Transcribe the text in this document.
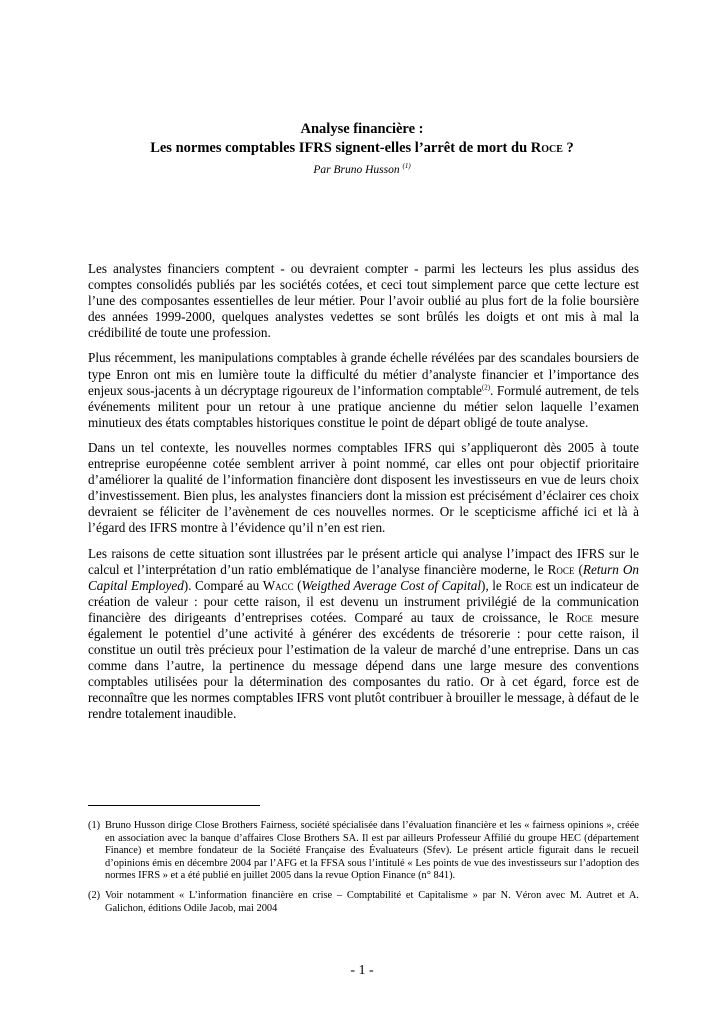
Analyse financière :
Les normes comptables IFRS signent-elles l’arrêt de mort du Roce ?
Par Bruno Husson $^{(1)}$

Les analystes financiers comptent - ou devraient compter - parmi les lecteurs les plus assidus des comptes consolidés publiés par les sociétés cotées, et ceci tout simplement parce que cette lecture est l’une des composantes essentielles de leur métier. Pour l’avoir oublié au plus fort de la folie boursière des années 1999-2000, quelques analystes vedettes se sont brûlés les doigts et ont mis à mal la crédibilité de toute une profession.

Plus récemment, les manipulations comptables à grande échelle révélées par des scandales boursiers de type Enron ont mis en lumière toute la difficulté du métier d’analyste financier et l’importance des enjeux sous-jacents à un décryptage rigoureux de l’information comptable$^{(2)}$. Formulé autrement, de tels événements militent pour un retour à une pratique ancienne du métier selon laquelle l’examen minutieux des états comptables historiques constitue le point de départ obligé de toute analyse.

Dans un tel contexte, les nouvelles normes comptables IFRS qui s’appliqueront dès 2005 à toute entreprise européenne cotée semblent arriver à point nommé, car elles ont pour objectif prioritaire d’améliorer la qualité de l’information financière dont disposent les investisseurs en vue de leurs choix d’investissement. Bien plus, les analystes financiers dont la mission est précisément d’éclairer ces choix devraient se féliciter de l’avènement de ces nouvelles normes. Or le scepticisme affiché ici et là à l’égard des IFRS montre à l’évidence qu’il n’en est rien.

Les raisons de cette situation sont illustrées par le présent article qui analyse l’impact des IFRS sur le calcul et l’interprétation d’un ratio emblématique de l’analyse financière moderne, le Roce (Return On Capital Employed). Comparé au Wacc (Weigthed Average Cost of Capital), le Roce est un indicateur de création de valeur : pour cette raison, il est devenu un instrument privilégié de la communication financière des dirigeants d’entreprises cotées. Comparé au taux de croissance, le Roce mesure également le potentiel d’une activité à générer des excédents de trésorerie : pour cette raison, il constitue un outil très précieux pour l’estimation de la valeur de marché d’une entreprise. Dans un cas comme dans l’autre, la pertinence du message dépend dans une large mesure des conventions comptables utilisées pour la détermination des composantes du ratio. Or à cet égard, force est de reconnaître que les normes comptables IFRS vont plutôt contribuer à brouiller le message, à défaut de le rendre totalement inaudible.

(1) Bruno Husson dirige Close Brothers Fairness, société spécialisée dans l’évaluation financière et les « fairness opinions », créée en association avec la banque d’affaires Close Brothers SA. Il est par ailleurs Professeur Affilié du groupe HEC (département Finance) et membre fondateur de la Société Française des Évaluateurs (Sfev). Le présent article figurait dans le recueil d’opinions émis en décembre 2004 par l’AFG et la FFSA sous l’intitulé « Les points de vue des investisseurs sur l’adoption des normes IFRS » et a été publié en juillet 2005 dans la revue Option Finance (n° 841).
(2) Voir notamment « L’information financière en crise – Comptabilité et Capitalisme » par N. Véron avec M. Autret et A. Galichon, éditions Odile Jacob, mai 2004
- 1 -
